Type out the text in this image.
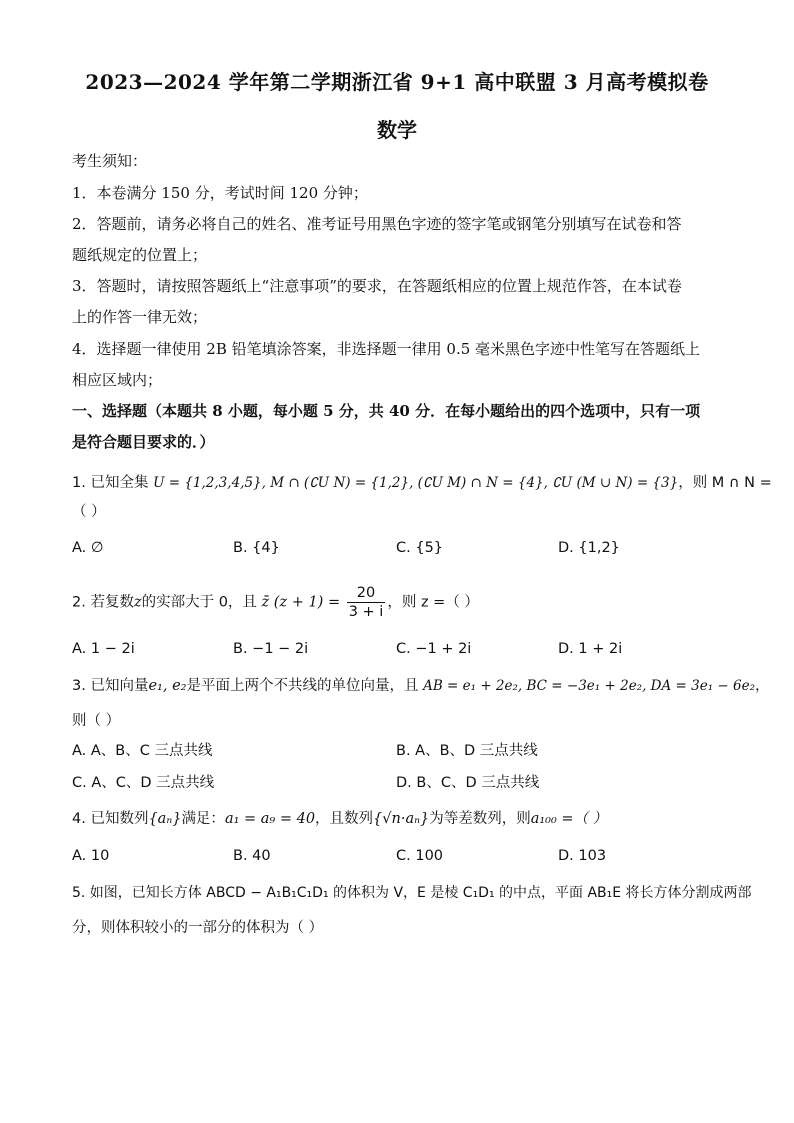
2023—2024 学年第二学期浙江省 9+1 高中联盟 3 月高考模拟卷
数学
考生须知：
1．本卷满分 150 分，考试时间 120 分钟；
2．答题前，请务必将自己的姓名、准考证号用黑色字迹的签字笔或钢笔分别填写在试卷和答
题纸规定的位置上；
3．答题时，请按照答题纸上“注意事项”的要求，在答题纸相应的位置上规范作答，在本试卷
上的作答一律无效；
4．选择题一律使用 2B 铅笔填涂答案，非选择题一律用 0.5 毫米黑色字迹中性笔写在答题纸上
相应区域内；
一、选择题（本题共 8 小题，每小题 5 分，共 40 分．在每小题给出的四个选项中，只有一项
是符合题目要求的．）
1. 已知全集 U = {1,2,3,4,5}, M ∩ (∁U N) = {1,2}, (∁U M) ∩ N = {4}, ∁U (M ∪ N) = {3}，则 M ∩ N =
（ ）
A. ∅	B. {4}	C. {5}	D. {1,2}
2. 若复数z的实部大于 0，且 z̄ $(z + 1) = \frac{20}{3 + i}$ ，则 z =（ ）
A. 1 − 2i	B. −1 − 2i	C. −1 + 2i	D. 1 + 2i
3. 已知向量e₁, e₂是平面上两个不共线的单位向量，且 AB = e₁ + 2e₂, BC = −3e₁ + 2e₂, DA = 3e₁ − 6e₂，
则（ ）
A. A、B、C 三点共线	B. A、B、D 三点共线
C. A、C、D 三点共线	D. B、C、D 三点共线
4. 已知数列{aₙ}满足：a₁ = a₉ = 40，且数列{√n·aₙ}为等差数列，则a₁₀₀ =（ ）
A. 10	B. 40	C. 100	D. 103
5. 如图，已知长方体 ABCD − A₁B₁C₁D₁ 的体积为 V，E 是棱 C₁D₁ 的中点，平面 AB₁E 将长方体分割成两部
分，则体积较小的一部分的体积为（ ）
